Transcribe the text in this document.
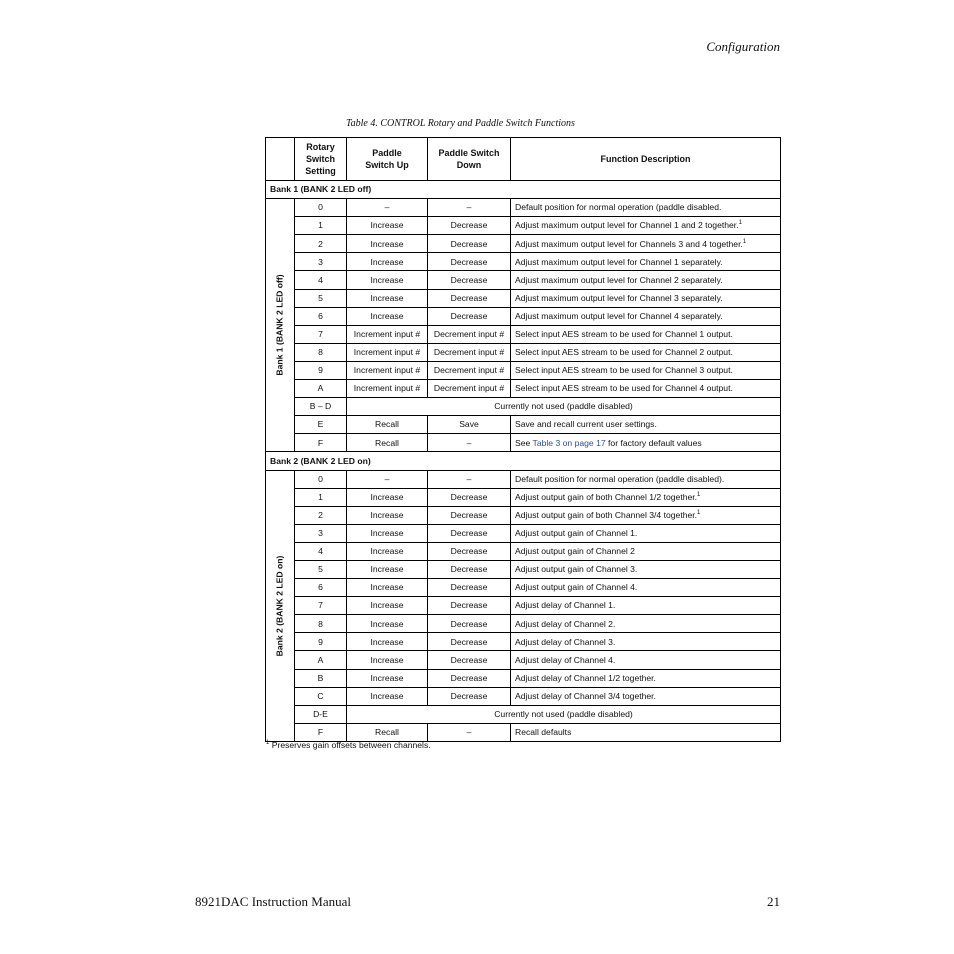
Configuration
Table 4. CONTROL Rotary and Paddle Switch Functions
	Rotary Switch Setting	Paddle Switch Up	Paddle Switch Down	Function Description
Bank 1 (BANK 2 LED off)				

Bank 1 (BANK 2 LED off)	0	–	–	Default position for normal operation (paddle disabled.
	1	Increase	Decrease	Adjust maximum output level for Channel 1 and 2 together.$^1$
	2	Increase	Decrease	Adjust maximum output level for Channels 3 and 4 together.$^1$
	3	Increase	Decrease	Adjust maximum output level for Channel 1 separately.
	4	Increase	Decrease	Adjust maximum output level for Channel 2 separately.
	5	Increase	Decrease	Adjust maximum output level for Channel 3 separately.
	6	Increase	Decrease	Adjust maximum output level for Channel 4 separately.
	7	Increment input #	Decrement input #	Select input AES stream to be used for Channel 1 output.
	8	Increment input #	Decrement input #	Select input AES stream to be used for Channel 2 output.
	9	Increment input #	Decrement input #	Select input AES stream to be used for Channel 3 output.
	A	Increment input #	Decrement input #	Select input AES stream to be used for Channel 4 output.
	B – D	Currently not used (paddle disabled)		
	E	Recall	Save	Save and recall current user settings.
	F	Recall	–	See Table 3 on page 17 for factory default values
Bank 2 (BANK 2 LED on)				

Bank 2 (BANK 2 LED on)	0	–	–	Default position for normal operation (paddle disabled).
	1	Increase	Decrease	Adjust output gain of both Channel 1/2 together.$^1$
	2	Increase	Decrease	Adjust output gain of both Channel 3/4 together.$^1$
	3	Increase	Decrease	Adjust output gain of Channel 1.
	4	Increase	Decrease	Adjust output gain of Channel 2
	5	Increase	Decrease	Adjust output gain of Channel 3.
	6	Increase	Decrease	Adjust output gain of Channel 4.
	7	Increase	Decrease	Adjust delay of Channel 1.
	8	Increase	Decrease	Adjust delay of Channel 2.
	9	Increase	Decrease	Adjust delay of Channel 3.
	A	Increase	Decrease	Adjust delay of Channel 4.
	B	Increase	Decrease	Adjust delay of Channel 1/2 together.
	C	Increase	Decrease	Adjust delay of Channel 3/4 together.
	D-E	Currently not used (paddle disabled)		
	F	Recall	–	Recall defaults
$^1$ Preserves gain offsets between channels.
8921DAC Instruction Manual	21
